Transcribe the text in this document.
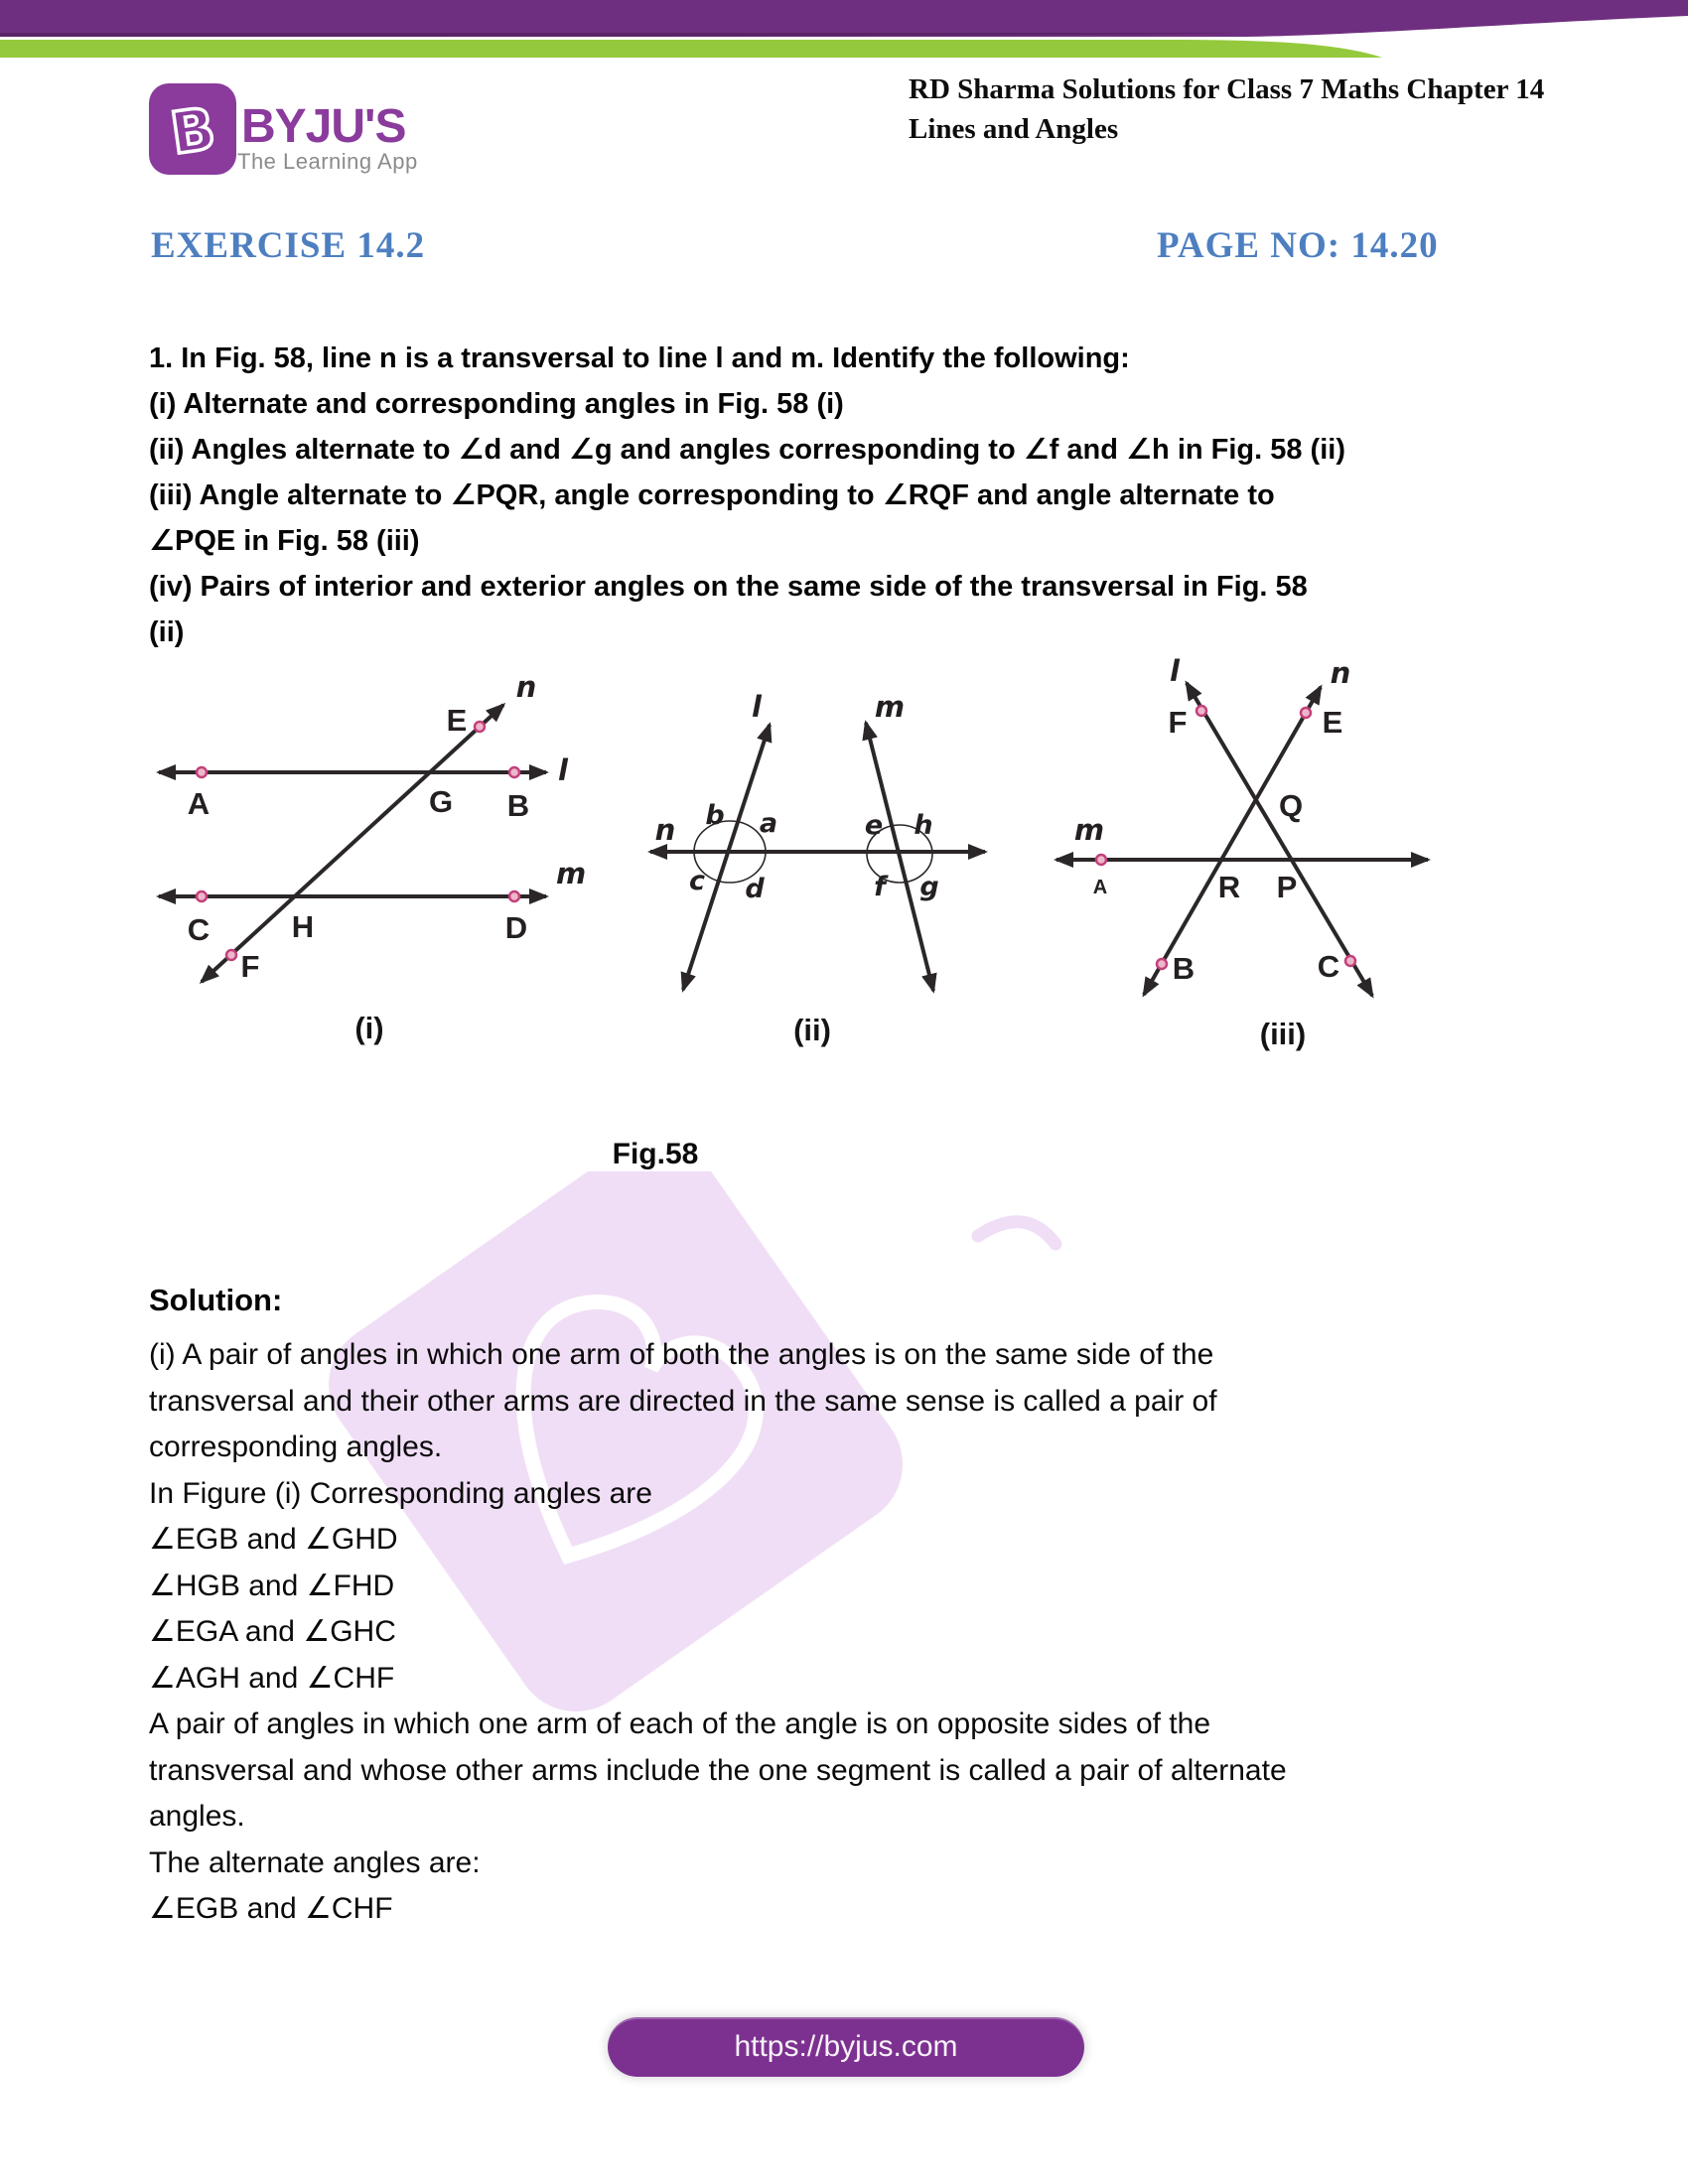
B BYJU'S
The Learning App
RD Sharma Solutions for Class 7 Maths Chapter 14
Lines and Angles
EXERCISE 14.2	PAGE NO: 14.20
1. In Fig. 58, line n is a transversal to line l and m. Identify the following:
(i) Alternate and corresponding angles in Fig. 58 (i)
(ii) Angles alternate to ∠d and ∠g and angles corresponding to ∠f and ∠h in Fig. 58 (ii)
(iii) Angle alternate to ∠PQR, angle corresponding to ∠RQF and angle alternate to
∠PQE in Fig. 58 (iii)
(iv) Pairs of interior and exterior angles on the same side of the transversal in Fig. 58
(ii)
n
l
m
E
A	G B
C	H	D
F
(i)
n
l	m
b a
c d
e h
f g
(ii)
l	n
m
F	E
Q
A	R P
B	C
(iii)
Fig.58
Solution:
(i) A pair of angles in which one arm of both the angles is on the same side of the
transversal and their other arms are directed in the same sense is called a pair of
corresponding angles.
In Figure (i) Corresponding angles are
∠EGB and ∠GHD
∠HGB and ∠FHD
∠EGA and ∠GHC
∠AGH and ∠CHF
A pair of angles in which one arm of each of the angle is on opposite sides of the
transversal and whose other arms include the one segment is called a pair of alternate
angles.
The alternate angles are:
∠EGB and ∠CHF
https://byjus.com
